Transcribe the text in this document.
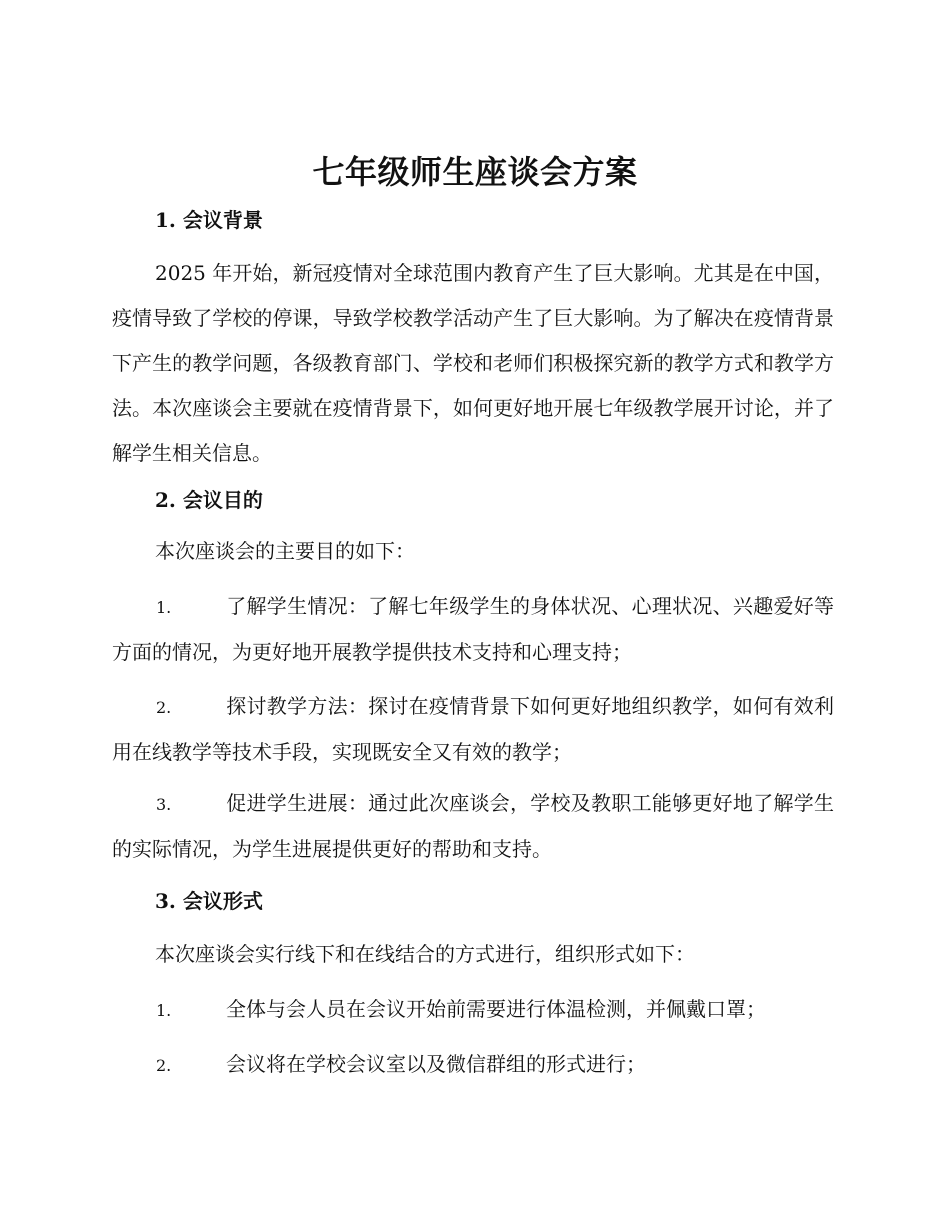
七年级师生座谈会方案
1. 会议背景

2025 年开始，新冠疫情对全球范围内教育产生了巨大影响。尤其是在中国，疫情导致了学校的停课，导致学校教学活动产生了巨大影响。为了解决在疫情背景下产生的教学问题，各级教育部门、学校和老师们积极探究新的教学方式和教学方法。本次座谈会主要就在疫情背景下，如何更好地开展七年级教学展开讨论，并了解学生相关信息。

2. 会议目的

本次座谈会的主要目的如下：

1.	了解学生情况：了解七年级学生的身体状况、心理状况、兴趣爱好等方面的情况，为更好地开展教学提供技术支持和心理支持；

2.	探讨教学方法：探讨在疫情背景下如何更好地组织教学，如何有效利用在线教学等技术手段，实现既安全又有效的教学；

3.	促进学生进展：通过此次座谈会，学校及教职工能够更好地了解学生的实际情况，为学生进展提供更好的帮助和支持。

3. 会议形式

本次座谈会实行线下和在线结合的方式进行，组织形式如下：

1.	全体与会人员在会议开始前需要进行体温检测，并佩戴口罩；

2.	会议将在学校会议室以及微信群组的形式进行；
